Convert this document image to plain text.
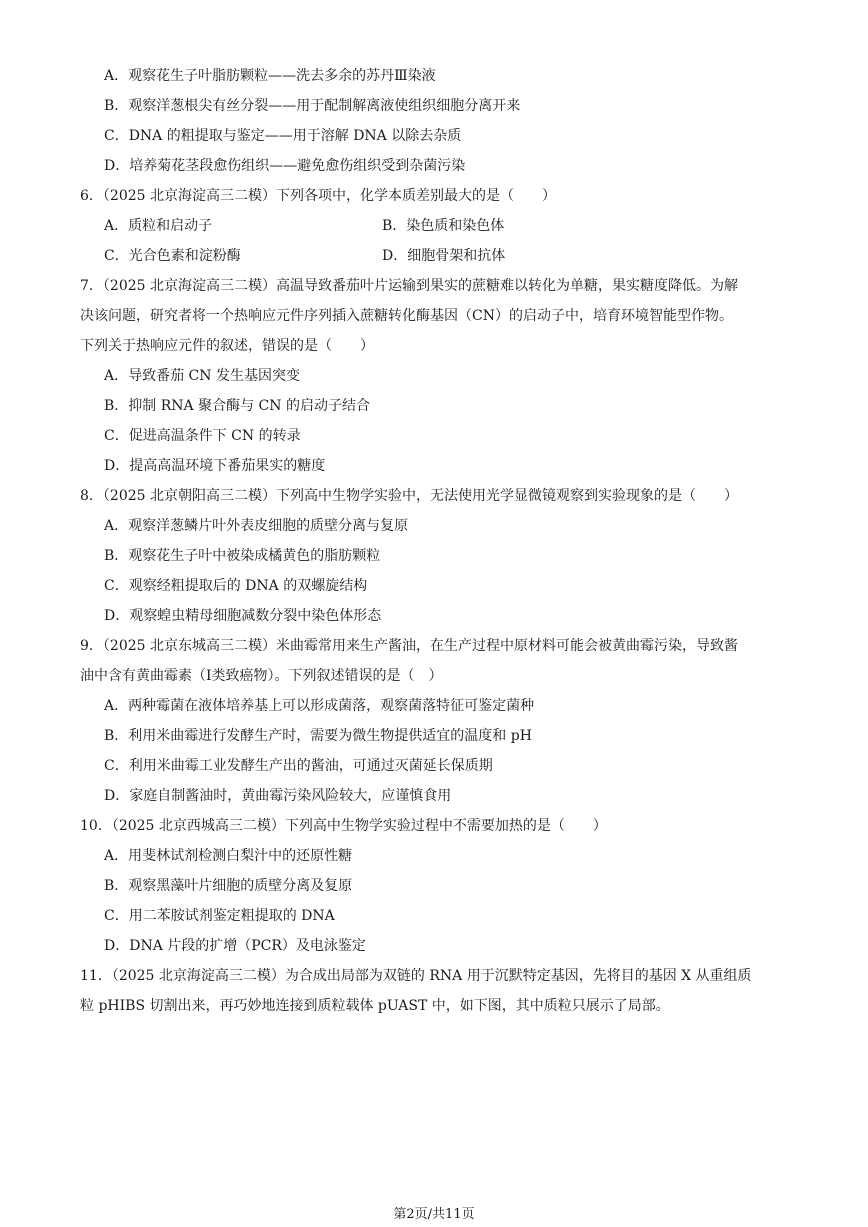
A．观察花生子叶脂肪颗粒——洗去多余的苏丹Ⅲ染液
B．观察洋葱根尖有丝分裂——用于配制解离液使组织细胞分离开来
C．DNA 的粗提取与鉴定——用于溶解 DNA 以除去杂质
D．培养菊花茎段愈伤组织——避免愈伤组织受到杂菌污染
6．（2025 北京海淀高三二模）下列各项中，化学本质差别最大的是（　　）
A．质粒和启动子	B．染色质和染色体
C．光合色素和淀粉酶	D．细胞骨架和抗体
7．（2025 北京海淀高三二模）高温导致番茄叶片运输到果实的蔗糖难以转化为单糖，果实糖度降低。为解
决该问题，研究者将一个热响应元件序列插入蔗糖转化酶基因（CN）的启动子中，培育环境智能型作物。
下列关于热响应元件的叙述，错误的是（　　）
A．导致番茄 CN 发生基因突变
B．抑制 RNA 聚合酶与 CN 的启动子结合
C．促进高温条件下 CN 的转录
D．提高高温环境下番茄果实的糖度
8．（2025 北京朝阳高三二模）下列高中生物学实验中，无法使用光学显微镜观察到实验现象的是（　　）
A．观察洋葱鳞片叶外表皮细胞的质壁分离与复原
B．观察花生子叶中被染成橘黄色的脂肪颗粒
C．观察经粗提取后的 DNA 的双螺旋结构
D．观察蝗虫精母细胞减数分裂中染色体形态
9．（2025 北京东城高三二模）米曲霉常用来生产酱油，在生产过程中原材料可能会被黄曲霉污染，导致酱
油中含有黄曲霉素（Ⅰ类致癌物）。下列叙述错误的是（　）
A．两种霉菌在液体培养基上可以形成菌落，观察菌落特征可鉴定菌种
B．利用米曲霉进行发酵生产时，需要为微生物提供适宜的温度和 pH
C．利用米曲霉工业发酵生产出的酱油，可通过灭菌延长保质期
D．家庭自制酱油时，黄曲霉污染风险较大，应谨慎食用
10．（2025 北京西城高三二模）下列高中生物学实验过程中不需要加热的是（　　）
A．用斐林试剂检测白梨汁中的还原性糖
B．观察黑藻叶片细胞的质壁分离及复原
C．用二苯胺试剂鉴定粗提取的 DNA
D．DNA 片段的扩增（PCR）及电泳鉴定
11．（2025 北京海淀高三二模）为合成出局部为双链的 RNA 用于沉默特定基因，先将目的基因 X 从重组质
粒 pHIBS 切割出来，再巧妙地连接到质粒载体 pUAST 中，如下图，其中质粒只展示了局部。
第2页/共11页
